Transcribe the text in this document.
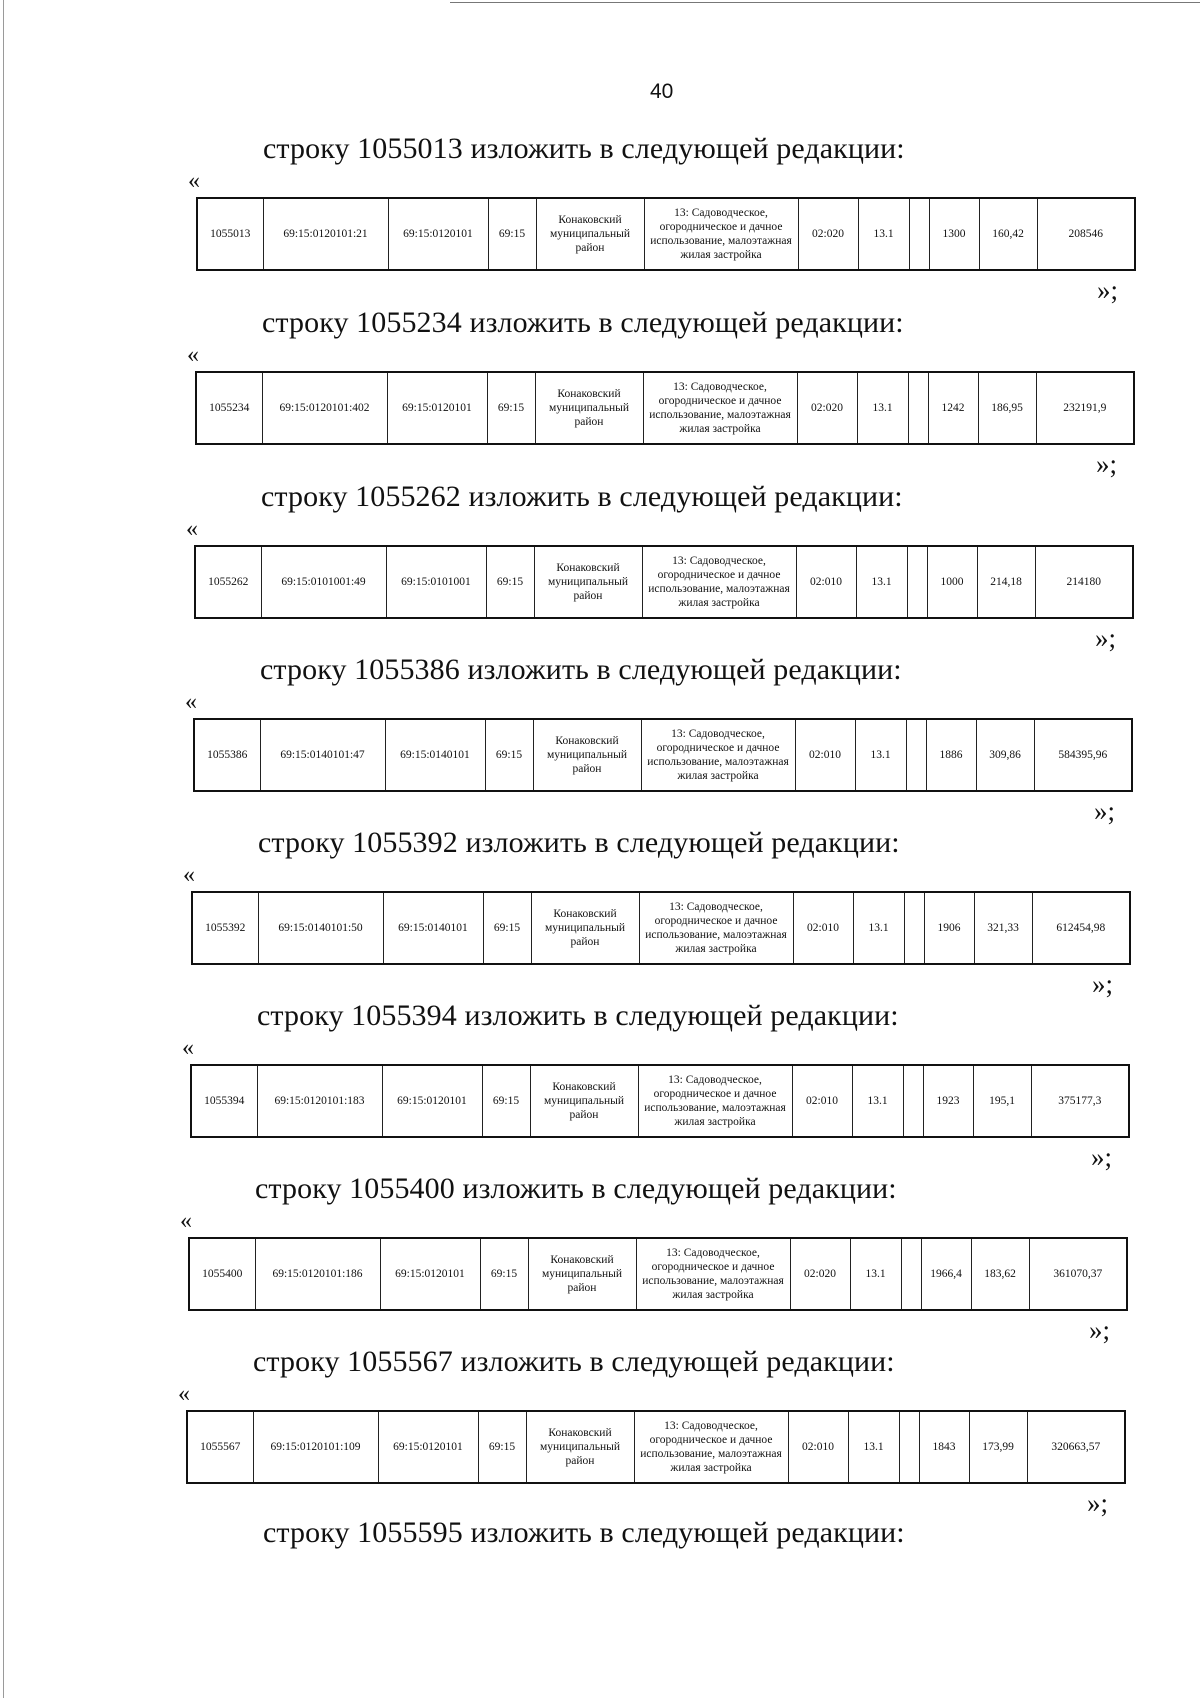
40
строку 1055013 изложить в следующей редакции:
«
1055013	69:15:0120101:21	69:15:0120101	69:15	Конаковский муниципальный район	13: Садоводческое, огородническое и дачное использование, малоэтажная жилая застройка	02:020	13.1		1300	160,42	208546
»;
строку 1055234 изложить в следующей редакции:
«
1055234	69:15:0120101:402	69:15:0120101	69:15	Конаковский муниципальный район	13: Садоводческое, огородническое и дачное использование, малоэтажная жилая застройка	02:020	13.1		1242	186,95	232191,9
»;
строку 1055262 изложить в следующей редакции:
«
1055262	69:15:0101001:49	69:15:0101001	69:15	Конаковский муниципальный район	13: Садоводческое, огородническое и дачное использование, малоэтажная жилая застройка	02:010	13.1		1000	214,18	214180
»;
строку 1055386 изложить в следующей редакции:
«
1055386	69:15:0140101:47	69:15:0140101	69:15	Конаковский муниципальный район	13: Садоводческое, огородническое и дачное использование, малоэтажная жилая застройка	02:010	13.1		1886	309,86	584395,96
»;
строку 1055392 изложить в следующей редакции:
«
1055392	69:15:0140101:50	69:15:0140101	69:15	Конаковский муниципальный район	13: Садоводческое, огородническое и дачное использование, малоэтажная жилая застройка	02:010	13.1		1906	321,33	612454,98
»;
строку 1055394 изложить в следующей редакции:
«
1055394	69:15:0120101:183	69:15:0120101	69:15	Конаковский муниципальный район	13: Садоводческое, огородническое и дачное использование, малоэтажная жилая застройка	02:010	13.1		1923	195,1	375177,3
»;
строку 1055400 изложить в следующей редакции:
«
1055400	69:15:0120101:186	69:15:0120101	69:15	Конаковский муниципальный район	13: Садоводческое, огородническое и дачное использование, малоэтажная жилая застройка	02:020	13.1		1966,4	183,62	361070,37
»;
строку 1055567 изложить в следующей редакции:
«
1055567	69:15:0120101:109	69:15:0120101	69:15	Конаковский муниципальный район	13: Садоводческое, огородническое и дачное использование, малоэтажная жилая застройка	02:010	13.1		1843	173,99	320663,57
»;
строку 1055595 изложить в следующей редакции:
